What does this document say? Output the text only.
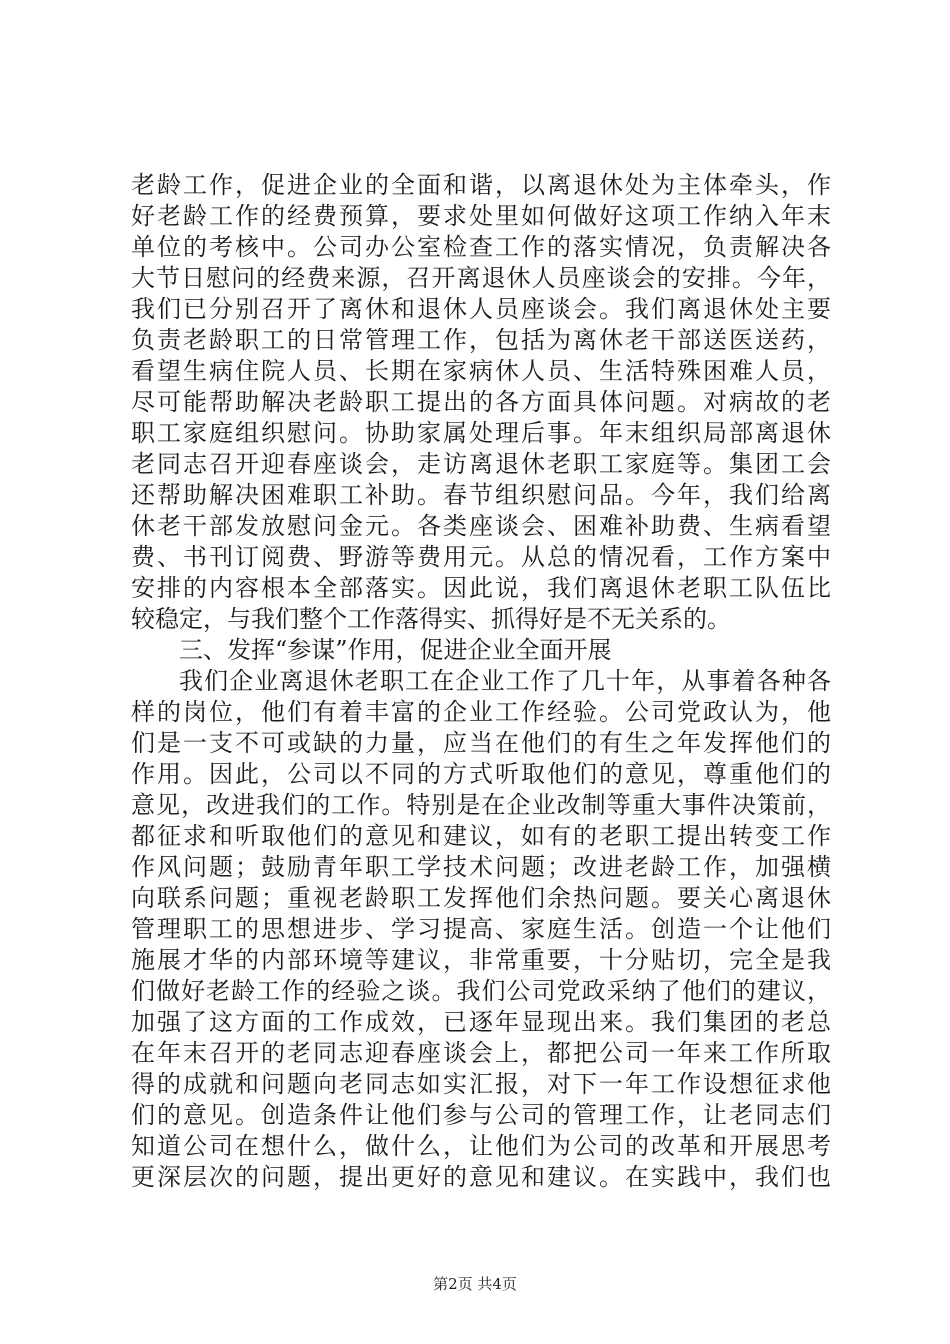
老龄工作，促进企业的全面和谐，以离退休处为主体牵头，作
好老龄工作的经费预算，要求处里如何做好这项工作纳入年末
单位的考核中。公司办公室检查工作的落实情况，负责解决各
大节日慰问的经费来源，召开离退休人员座谈会的安排。今年，
我们已分别召开了离休和退休人员座谈会。我们离退休处主要
负责老龄职工的日常管理工作，包括为离休老干部送医送药，
看望生病住院人员、长期在家病休人员、生活特殊困难人员，
尽可能帮助解决老龄职工提出的各方面具体问题。对病故的老
职工家庭组织慰问。协助家属处理后事。年末组织局部离退休
老同志召开迎春座谈会，走访离退休老职工家庭等。集团工会
还帮助解决困难职工补助。春节组织慰问品。今年，我们给离
休老干部发放慰问金元。各类座谈会、困难补助费、生病看望
费、书刊订阅费、野游等费用元。从总的情况看，工作方案中
安排的内容根本全部落实。因此说，我们离退休老职工队伍比
较稳定，与我们整个工作落得实、抓得好是不无关系的。
三、发挥“参谋”作用，促进企业全面开展
我们企业离退休老职工在企业工作了几十年，从事着各种各
样的岗位，他们有着丰富的企业工作经验。公司党政认为，他
们是一支不可或缺的力量，应当在他们的有生之年发挥他们的
作用。因此，公司以不同的方式听取他们的意见，尊重他们的
意见，改进我们的工作。特别是在企业改制等重大事件决策前，
都征求和听取他们的意见和建议，如有的老职工提出转变工作
作风问题；鼓励青年职工学技术问题；改进老龄工作，加强横
向联系问题；重视老龄职工发挥他们余热问题。要关心离退休
管理职工的思想进步、学习提高、家庭生活。创造一个让他们
施展才华的内部环境等建议，非常重要，十分贴切，完全是我
们做好老龄工作的经验之谈。我们公司党政采纳了他们的建议，
加强了这方面的工作成效，已逐年显现出来。我们集团的老总
在年末召开的老同志迎春座谈会上，都把公司一年来工作所取
得的成就和问题向老同志如实汇报，对下一年工作设想征求他
们的意见。创造条件让他们参与公司的管理工作，让老同志们
知道公司在想什么，做什么，让他们为公司的改革和开展思考
更深层次的问题，提出更好的意见和建议。在实践中，我们也
第2页 共4页
